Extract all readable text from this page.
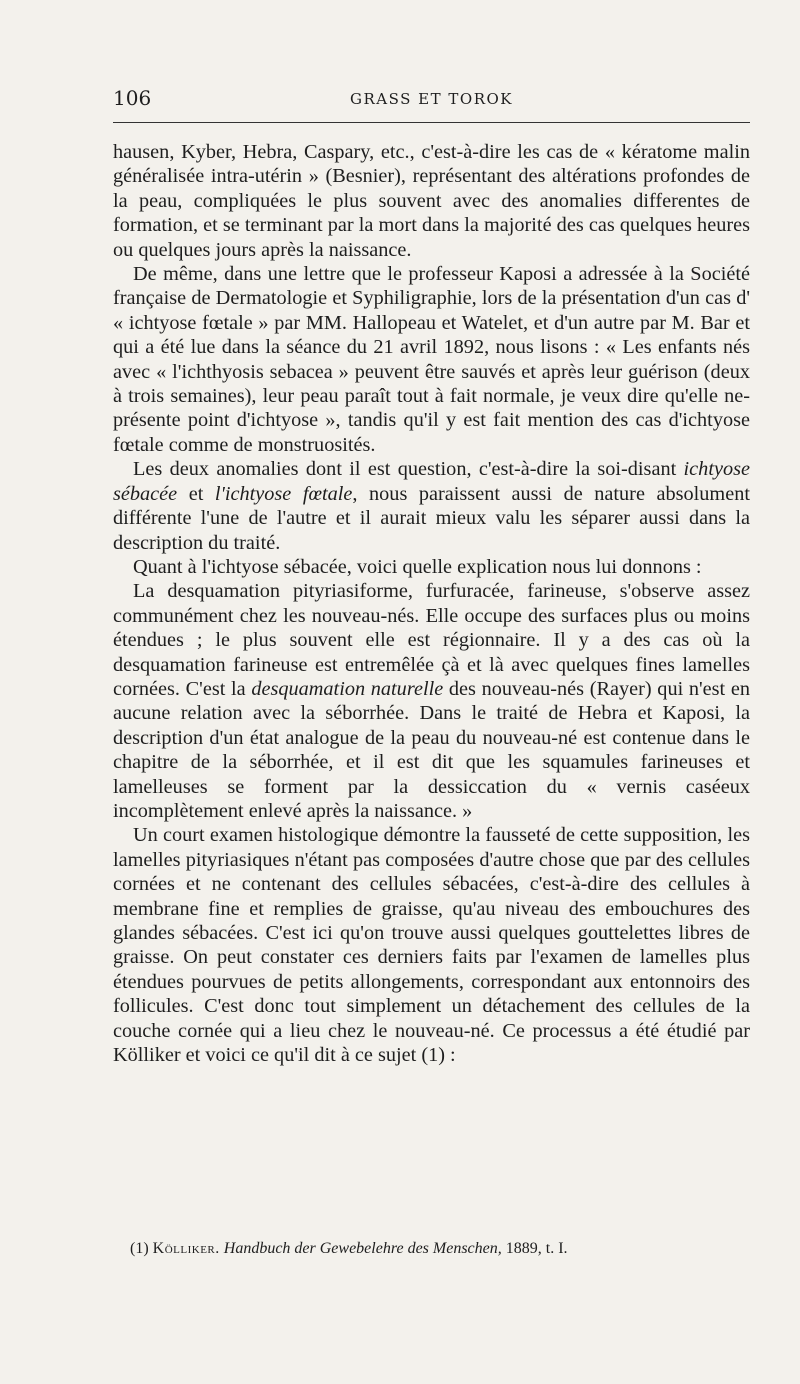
106	GRASS ET TOROK

hausen, Kyber, Hebra, Caspary, etc., c'est-à-dire les cas de « kératome malin généralisée intra-utérin » (Besnier), représentant des altérations profondes de la peau, compliquées le plus souvent avec des anomalies differentes de formation, et se terminant par la mort dans la majorité des cas quelques heures ou quelques jours après la naissance.

De même, dans une lettre que le professeur Kaposi a adressée à la Société française de Dermatologie et Syphiligraphie, lors de la présentation d'un cas d' « ichtyose fœtale » par MM. Hallopeau et Watelet, et d'un autre par M. Bar et qui a été lue dans la séance du 21 avril 1892, nous lisons : « Les enfants nés avec « l'ichthyosis sebacea » peuvent être sauvés et après leur guérison (deux à trois semaines), leur peau paraît tout à fait normale, je veux dire qu'elle ne-présente point d'ichtyose », tandis qu'il y est fait mention des cas d'ichtyose fœtale comme de monstruosités.

Les deux anomalies dont il est question, c'est-à-dire la soi-disant ichtyose sébacée et l'ichtyose fœtale, nous paraissent aussi de nature absolument différente l'une de l'autre et il aurait mieux valu les séparer aussi dans la description du traité.

Quant à l'ichtyose sébacée, voici quelle explication nous lui donnons :

La desquamation pityriasiforme, furfuracée, farineuse, s'observe assez communément chez les nouveau-nés. Elle occupe des surfaces plus ou moins étendues ; le plus souvent elle est régionnaire. Il y a des cas où la desquamation farineuse est entremêlée çà et là avec quelques fines lamelles cornées. C'est la desquamation naturelle des nouveau-nés (Rayer) qui n'est en aucune relation avec la séborrhée. Dans le traité de Hebra et Kaposi, la description d'un état analogue de la peau du nouveau-né est contenue dans le chapitre de la séborrhée, et il est dit que les squamules farineuses et lamelleuses se forment par la dessiccation du « vernis caséeux incomplètement enlevé après la naissance. »

Un court examen histologique démontre la fausseté de cette supposition, les lamelles pityriasiques n'étant pas composées d'autre chose que par des cellules cornées et ne contenant des cellules sébacées, c'est-à-dire des cellules à membrane fine et remplies de graisse, qu'au niveau des embouchures des glandes sébacées. C'est ici qu'on trouve aussi quelques gouttelettes libres de graisse. On peut constater ces derniers faits par l'examen de lamelles plus étendues pourvues de petits allongements, correspondant aux entonnoirs des follicules. C'est donc tout simplement un détachement des cellules de la couche cornée qui a lieu chez le nouveau-né. Ce processus a été étudié par Kölliker et voici ce qu'il dit à ce sujet (1) :

(1) Kölliker. Handbuch der Gewebelehre des Menschen, 1889, t. I.
